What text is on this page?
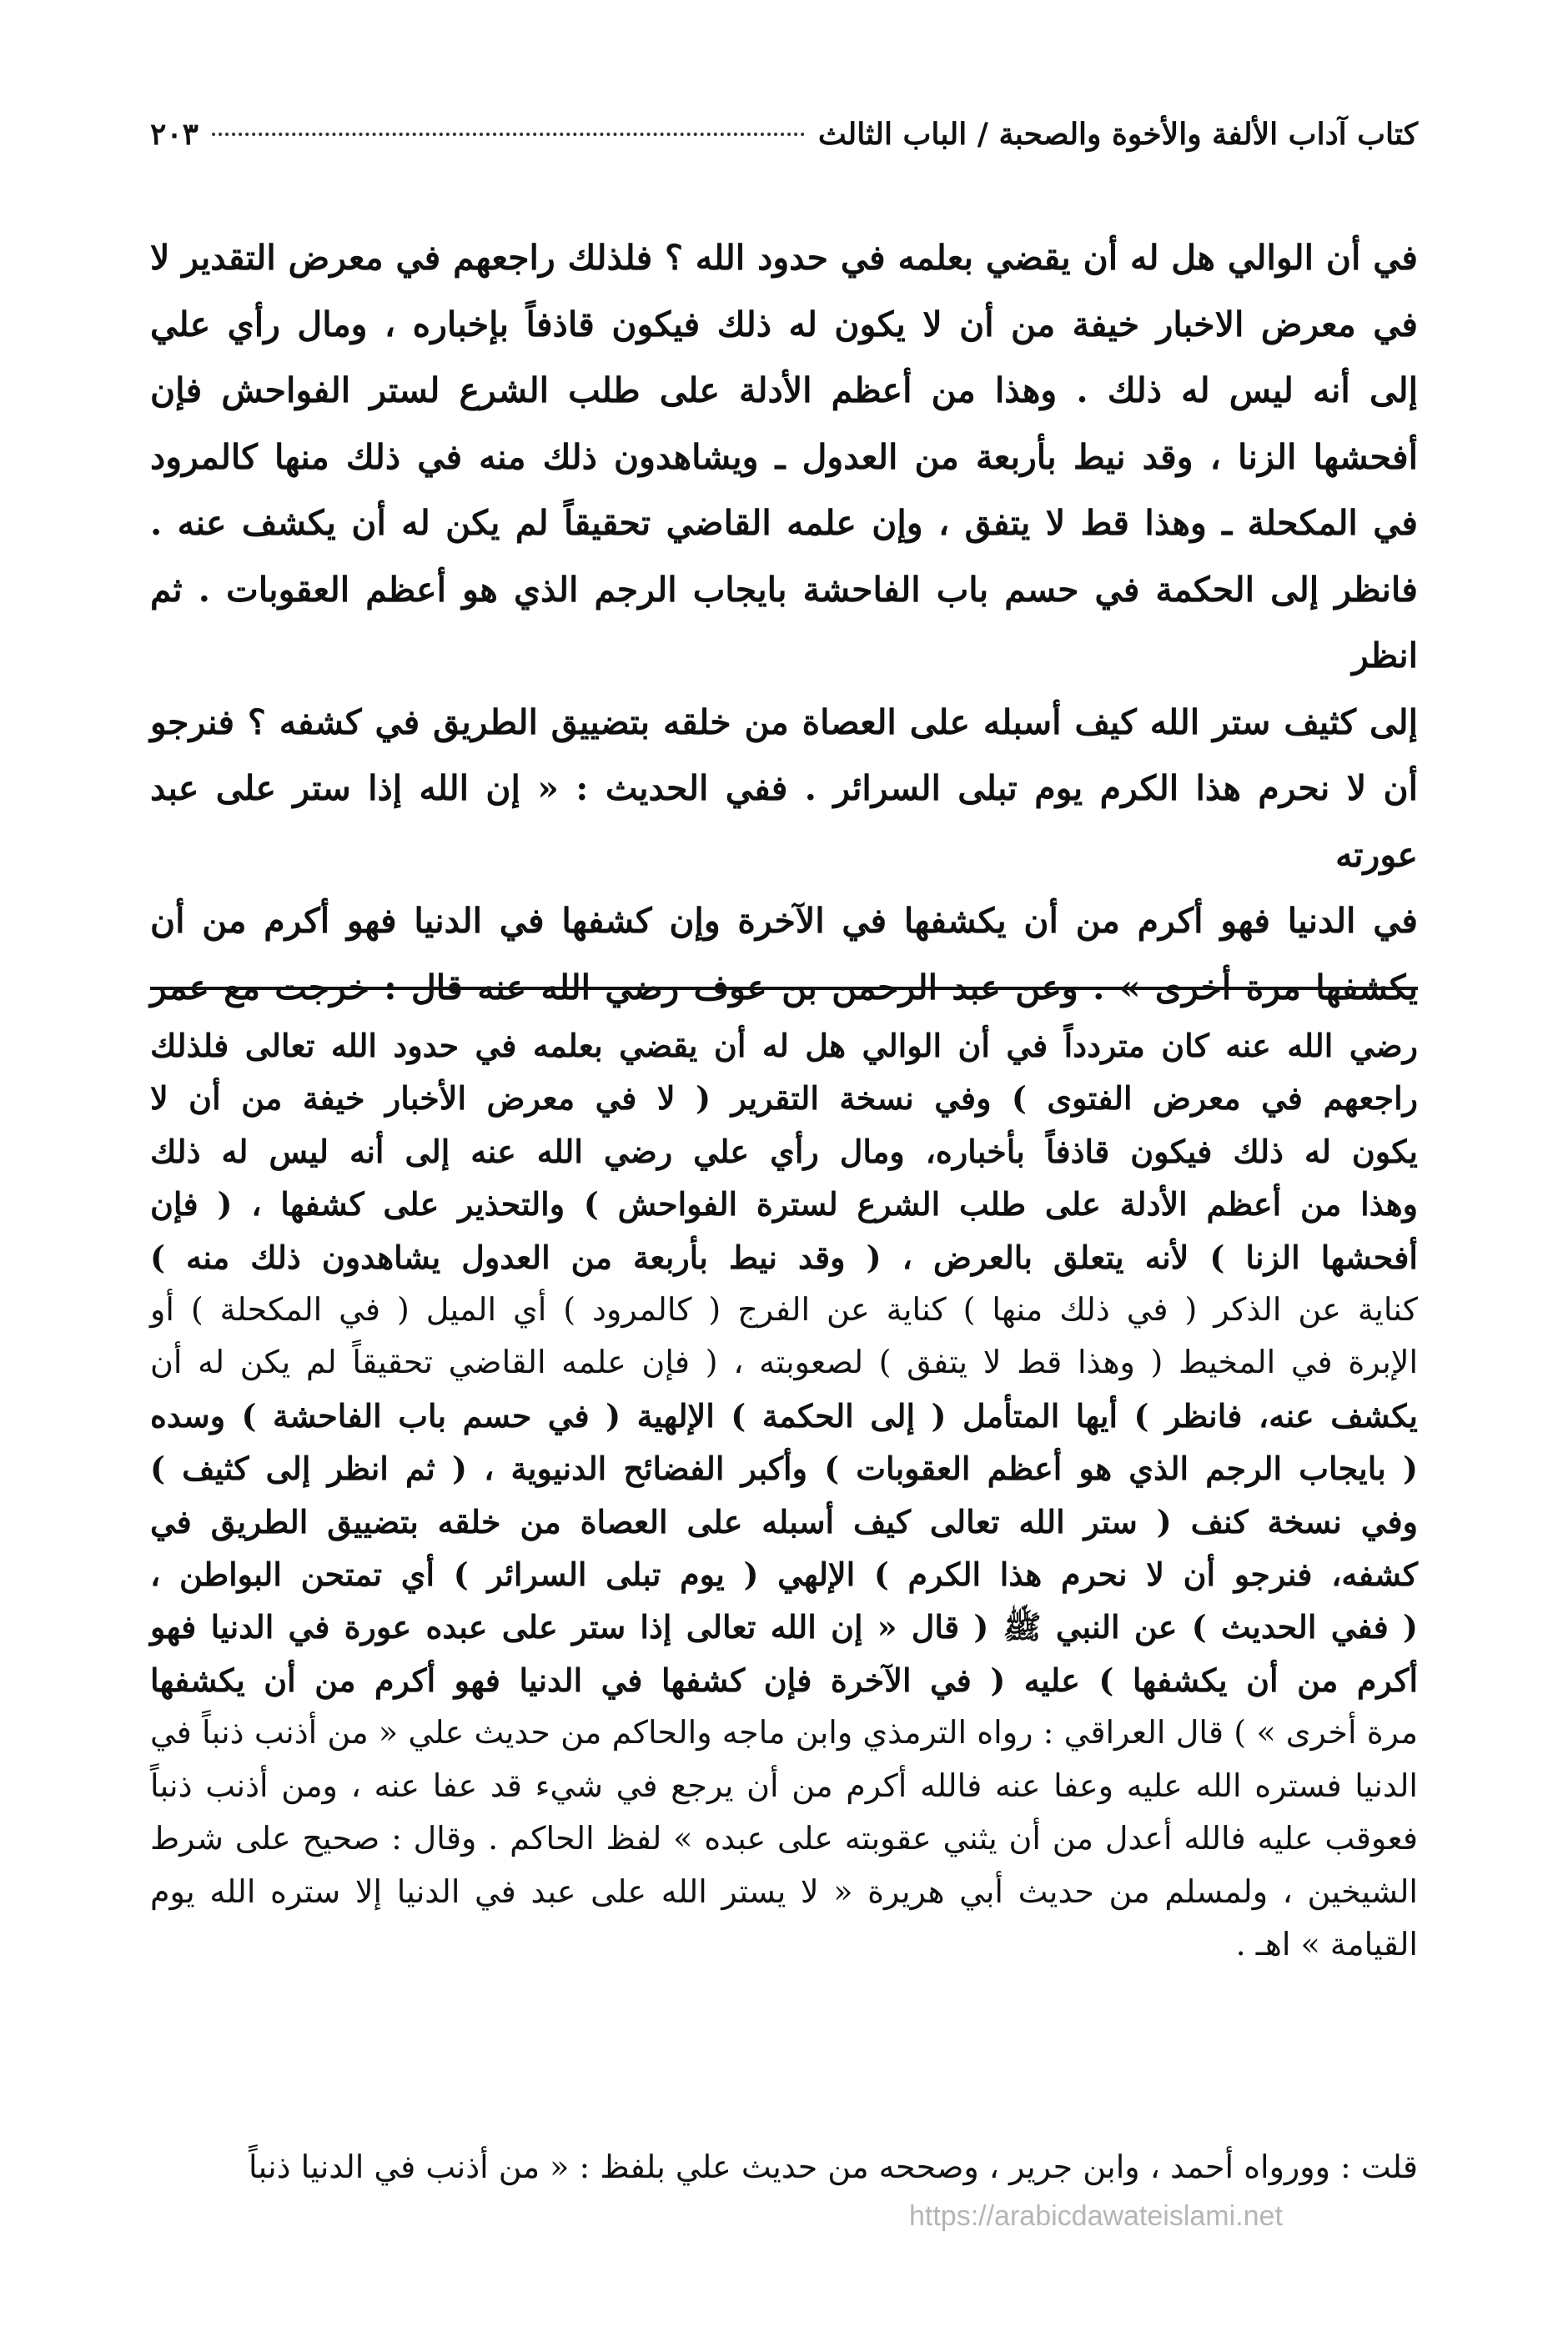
كتاب آداب الألفة والأخوة والصحبة / الباب الثالث
٢٠٣

في أن الوالي هل له أن يقضي بعلمه في حدود الله ؟ فلذلك راجعهم في معرض التقدير لا

في معرض الاخبار خيفة من أن لا يكون له ذلك فيكون قاذفاً بإخباره ، ومال رأي علي

إلى أنه ليس له ذلك . وهذا من أعظم الأدلة على طلب الشرع لستر الفواحش فإن

أفحشها الزنا ، وقد نيط بأربعة من العدول ـ ويشاهدون ذلك منه في ذلك منها كالمرود

في المكحلة ـ وهذا قط لا يتفق ، وإن علمه القاضي تحقيقاً لم يكن له أن يكشف عنه .

فانظر إلى الحكمة في حسم باب الفاحشة بايجاب الرجم الذي هو أعظم العقوبات . ثم انظر

إلى كثيف ستر الله كيف أسبله على العصاة من خلقه بتضييق الطريق في كشفه ؟ فنرجو

أن لا نحرم هذا الكرم يوم تبلى السرائر . ففي الحديث : « إن الله إذا ستر على عبد عورته

في الدنيا فهو أكرم من أن يكشفها في الآخرة وإن كشفها في الدنيا فهو أكرم من أن

يكشفها مرة أخرى » . وعن عبد الرحمن بن عوف رضي الله عنه قال : خرجت مع عمر

رضي الله عنه كان متردداً في أن الوالي هل له أن يقضي بعلمه في حدود الله تعالى فلذلك

راجعهم في معرض الفتوى ) وفي نسخة التقرير ( لا في معرض الأخبار خيفة من أن لا

يكون له ذلك فيكون قاذفاً بأخباره، ومال رأي علي رضي الله عنه إلى أنه ليس له ذلك

وهذا من أعظم الأدلة على طلب الشرع لسترة الفواحش ) والتحذير على كشفها ، ( فإن

أفحشها الزنا ) لأنه يتعلق بالعرض ، ( وقد نيط بأربعة من العدول يشاهدون ذلك منه )

كناية عن الذكر ( في ذلك منها ) كناية عن الفرج ( كالمرود ) أي الميل ( في المكحلة ) أو

الإبرة في المخيط ( وهذا قط لا يتفق ) لصعوبته ، ( فإن علمه القاضي تحقيقاً لم يكن له أن

يكشف عنه، فانظر ) أيها المتأمل ( إلى الحكمة ) الإلهية ( في حسم باب الفاحشة ) وسده

( بايجاب الرجم الذي هو أعظم العقوبات ) وأكبر الفضائح الدنيوية ، ( ثم انظر إلى كثيف )

وفي نسخة كنف ( ستر الله تعالى كيف أسبله على العصاة من خلقه بتضييق الطريق في

كشفه، فنرجو أن لا نحرم هذا الكرم ) الإلهي ( يوم تبلى السرائر ) أي تمتحن البواطن ،

( ففي الحديث ) عن النبي ﷺ ( قال « إن الله تعالى إذا ستر على عبده عورة في الدنيا فهو

أكرم من أن يكشفها ) عليه ( في الآخرة فإن كشفها في الدنيا فهو أكرم من أن يكشفها

مرة أخرى » ) قال العراقي : رواه الترمذي وابن ماجه والحاكم من حديث علي « من أذنب ذنباً في

الدنيا فستره الله عليه وعفا عنه فالله أكرم من أن يرجع في شيء قد عفا عنه ، ومن أذنب ذنباً

فعوقب عليه فالله أعدل من أن يثني عقوبته على عبده » لفظ الحاكم . وقال : صحيح على شرط

الشيخين ، ولمسلم من حديث أبي هريرة « لا يستر الله على عبد في الدنيا إلا ستره الله يوم

القيامة » اهـ .

قلت : وورواه أحمد ، وابن جرير ، وصححه من حديث علي بلفظ : « من أذنب في الدنيا ذنباً
https://arabicdawateislami.net
